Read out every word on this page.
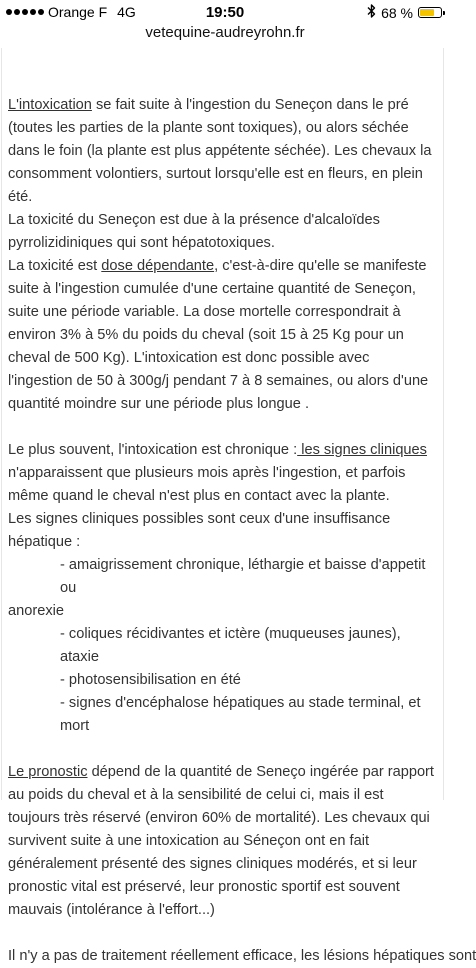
Orange F 4G	19:50	68 %
vetequine-audreyrohn.fr

L'intoxication se fait suite à l'ingestion du Seneçon dans le pré (toutes les parties de la plante sont toxiques), ou alors séchée dans le foin (la plante est plus appétente séchée). Les chevaux la consomment volontiers, surtout lorsqu'elle est en fleurs, en plein été.

La toxicité du Seneçon est due à la présence d'alcaloïdes pyrrolizidiniques qui sont hépatotoxiques.

La toxicité est dose dépendante, c'est-à-dire qu'elle se manifeste suite à l'ingestion cumulée d'une certaine quantité de Seneçon, suite une période variable. La dose mortelle correspondrait à environ 3% à 5% du poids du cheval (soit 15 à 25 Kg pour un cheval de 500 Kg). L'intoxication est donc possible avec l'ingestion de 50 à 300g/j pendant 7 à 8 semaines, ou alors d'une quantité moindre sur une période plus longue .

Le plus souvent, l'intoxication est chronique : les signes cliniques n'apparaissent que plusieurs mois après l'ingestion, et parfois même quand le cheval n'est plus en contact avec la plante.

Les signes cliniques possibles sont ceux d'une insuffisance hépatique :

- amaigrissement chronique, léthargie et baisse d'appetit ou

anorexie

- coliques récidivantes et ictère (muqueuses jaunes), ataxie

- photosensibilisation en été

- signes d'encéphalose hépatiques au stade terminal, et mort

Le pronostic dépend de la quantité de Seneço ingérée par rapport au poids du cheval et à la sensibilité de celui ci, mais il est toujours très réservé (environ 60% de mortalité). Les chevaux qui survivent suite à une intoxication au Séneçon ont en fait généralement présenté des signes cliniques modérés, et si leur pronostic vital est préservé, leur pronostic sportif est souvent mauvais (intolérance à l'effort...)

Il n'y a pas de traitement réellement efficace, les lésions hépatiques sont
